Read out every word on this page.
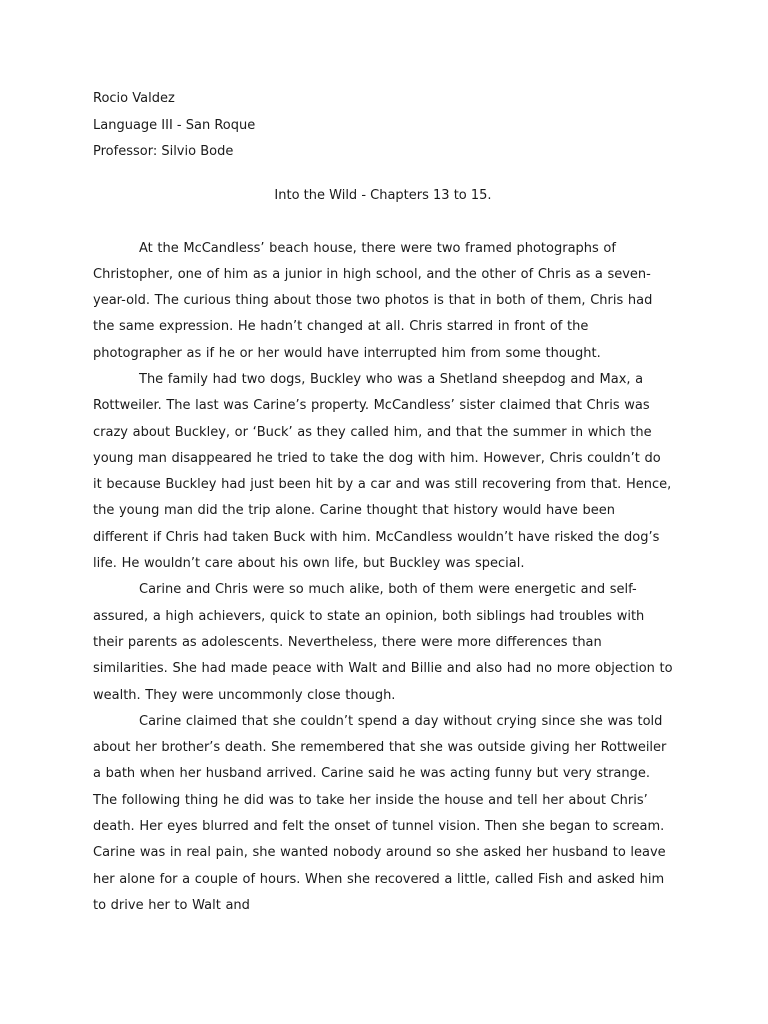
Rocio Valdez

Language III - San Roque

Professor: Silvio Bode

Into the Wild - Chapters 13 to 15.

At the McCandless’ beach house, there were two framed photographs of Christopher, one of him as a junior in high school, and the other of Chris as a seven-year-old. The curious thing about those two photos is that in both of them, Chris had the same expression. He hadn’t changed at all. Chris starred in front of the photographer as if he or her would have interrupted him from some thought.

The family had two dogs, Buckley who was a Shetland sheepdog and Max, a Rottweiler. The last was Carine’s property. McCandless’ sister claimed that Chris was crazy about Buckley, or ‘Buck’ as they called him, and that the summer in which the young man disappeared he tried to take the dog with him. However, Chris couldn’t do it because Buckley had just been hit by a car and was still recovering from that. Hence, the young man did the trip alone. Carine thought that history would have been different if Chris had taken Buck with him. McCandless wouldn’t have risked the dog’s life. He wouldn’t care about his own life, but Buckley was special.

Carine and Chris were so much alike, both of them were energetic and self-assured, a high achievers, quick to state an opinion, both siblings had troubles with their parents as adolescents. Nevertheless, there were more differences than similarities. She had made peace with Walt and Billie and also had no more objection to wealth. They were uncommonly close though.

Carine claimed that she couldn’t spend a day without crying since she was told about her brother’s death. She remembered that she was outside giving her Rottweiler a bath when her husband arrived. Carine said he was acting funny but very strange. The following thing he did was to take her inside the house and tell her about Chris’ death. Her eyes blurred and felt the onset of tunnel vision. Then she began to scream. Carine was in real pain, she wanted nobody around so she asked her husband to leave her alone for a couple of hours. When she recovered a little, called Fish and asked him to drive her to Walt and
